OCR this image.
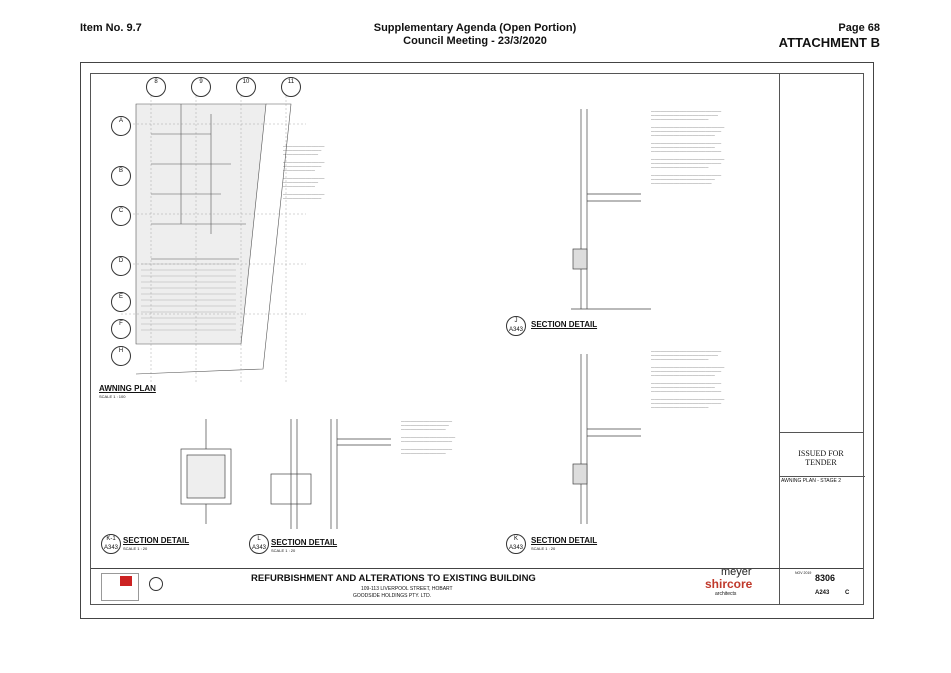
Item No. 9.7	Supplementary Agenda (Open Portion)
Council Meeting - 23/3/2020
Page 68
ATTACHMENT B
8	9	10	11
A
B
C
D
E
F
H
—————————————
————————————
———————————

—————————————
————————————
——————————

—————————————
———————————
——————————

—————————————
————————————
AWNING PLAN
SCALE 1 : 100
——————————————————————
—————————————————————
——————————————————

———————————————————————
——————————————————————
————————————————————

——————————————————————
————————————————————
——————————————————————

———————————————————————
——————————————————————
——————————————————

——————————————————————
————————————————————
———————————————————
J
A343
SECTION DETAIL
——————————————————————
—————————————————————
——————————————————

———————————————————————
——————————————————————
————————————————————

——————————————————————
————————————————————
——————————————————————

———————————————————————
——————————————————————
——————————————————
K
A343
SECTION DETAIL
SCALE 1 : 20
K-1
A343
SECTION DETAIL
SCALE 1 : 20
L
A343
SECTION DETAIL
SCALE 1 : 20
————————————————
———————————————
——————————————

—————————————————
————————————————

————————————————
——————————————	ISSUED FOR
TENDER
AWNING PLAN - STAGE 2
REFURBISHMENT AND ALTERATIONS TO EXISTING BUILDING
109-113 LIVERPOOL STREET, HOBART
GOODSIDE HOLDINGS PTY. LTD.
meyer
shircore
architects
NOV 2019 8306
A243	C
